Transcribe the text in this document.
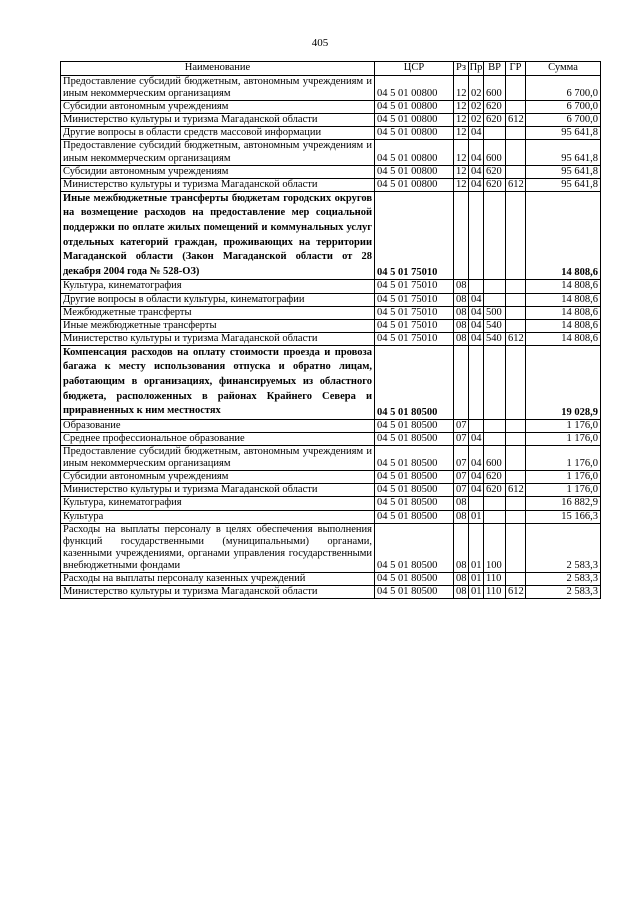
405
Наименование	ЦСР	Рз	Пр	ВР	ГР	Сумма
Предоставление субсидий бюджетным, автономным учреждениям и иным некоммерческим организациям	04 5 01 00800	12	02	600		6 700,0
Субсидии автономным учреждениям	04 5 01 00800	12	02	620		6 700,0
Министерство культуры и туризма Магаданской области	04 5 01 00800	12	02	620	612	6 700,0
Другие вопросы в области средств массовой информации	04 5 01 00800	12	04			95 641,8
Предоставление субсидий бюджетным, автономным учреждениям и иным некоммерческим организациям	04 5 01 00800	12	04	600		95 641,8
Субсидии автономным учреждениям	04 5 01 00800	12	04	620		95 641,8
Министерство культуры и туризма Магаданской области	04 5 01 00800	12	04	620	612	95 641,8
Иные межбюджетные трансферты бюджетам городских округов на возмещение расходов на предоставление мер социальной поддержки по оплате жилых помещений и коммунальных услуг отдельных категорий граждан, проживающих на территории Магаданской области (Закон Магаданской области от 28 декабря 2004 года № 528-ОЗ)	04 5 01 75010					14 808,6
Культура, кинематография	04 5 01 75010	08				14 808,6
Другие вопросы в области культуры, кинематографии	04 5 01 75010	08	04			14 808,6
Межбюджетные трансферты	04 5 01 75010	08	04	500		14 808,6
Иные межбюджетные трансферты	04 5 01 75010	08	04	540		14 808,6
Министерство культуры и туризма Магаданской области	04 5 01 75010	08	04	540	612	14 808,6
Компенсация расходов на оплату стоимости проезда и провоза багажа к месту использования отпуска и обратно лицам, работающим в организациях, финансируемых из областного бюджета, расположенных в районах Крайнего Севера и приравненных к ним местностях	04 5 01 80500					19 028,9
Образование	04 5 01 80500	07				1 176,0
Среднее профессиональное образование	04 5 01 80500	07	04			1 176,0
Предоставление субсидий бюджетным, автономным учреждениям и иным некоммерческим организациям	04 5 01 80500	07	04	600		1 176,0
Субсидии автономным учреждениям	04 5 01 80500	07	04	620		1 176,0
Министерство культуры и туризма Магаданской области	04 5 01 80500	07	04	620	612	1 176,0
Культура, кинематография	04 5 01 80500	08				16 882,9
Культура	04 5 01 80500	08	01			15 166,3
Расходы на выплаты персоналу в целях обеспечения выполнения функций государственными (муниципальными) органами, казенными учреждениями, органами управления государственными внебюджетными фондами	04 5 01 80500	08	01	100		2 583,3
Расходы на выплаты персоналу казенных учреждений	04 5 01 80500	08	01	110		2 583,3
Министерство культуры и туризма Магаданской области	04 5 01 80500	08	01	110	612	2 583,3
